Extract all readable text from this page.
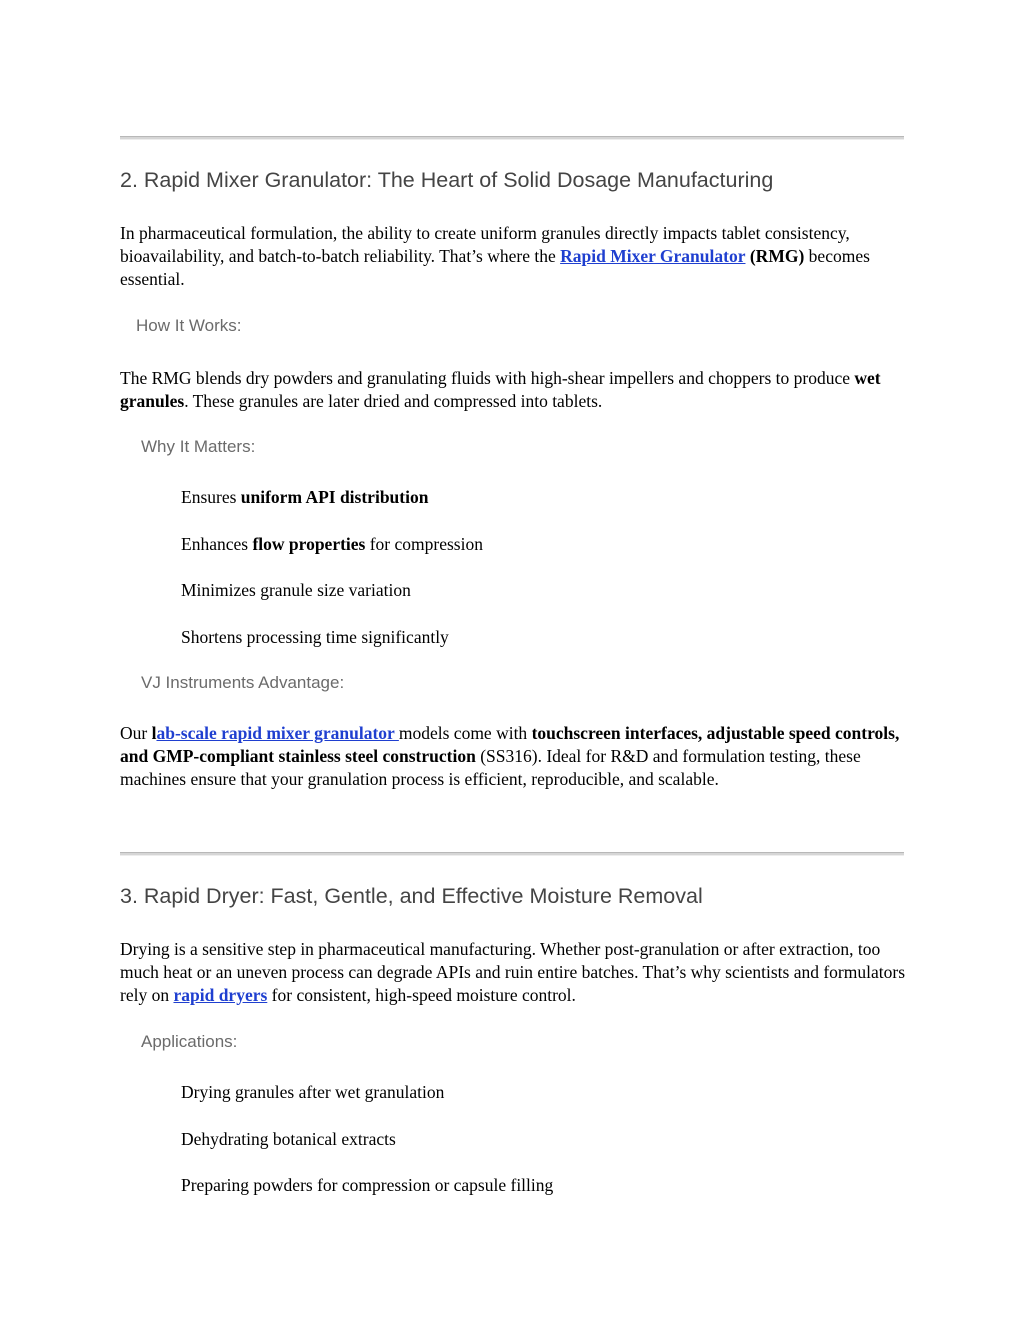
2. Rapid Mixer Granulator: The Heart of Solid Dosage Manufacturing

In pharmaceutical formulation, the ability to create uniform granules directly impacts tablet consistency, bioavailability, and batch-to-batch reliability. That’s where the Rapid Mixer Granulator (RMG) becomes essential.

How It Works:

The RMG blends dry powders and granulating fluids with high-shear impellers and choppers to produce wet granules. These granules are later dried and compressed into tablets.

Why It Matters:

Ensures uniform API distribution

Enhances flow properties for compression

Minimizes granule size variation

Shortens processing time significantly

VJ Instruments Advantage:

Our lab-scale rapid mixer granulator models come with touchscreen interfaces, adjustable speed controls, and GMP-compliant stainless steel construction (SS316). Ideal for R&D and formulation testing, these machines ensure that your granulation process is efficient, reproducible, and scalable.

3. Rapid Dryer: Fast, Gentle, and Effective Moisture Removal

Drying is a sensitive step in pharmaceutical manufacturing. Whether post-granulation or after extraction, too much heat or an uneven process can degrade APIs and ruin entire batches. That’s why scientists and formulators rely on rapid dryers for consistent, high-speed moisture control.

Applications:

Drying granules after wet granulation

Dehydrating botanical extracts

Preparing powders for compression or capsule filling
